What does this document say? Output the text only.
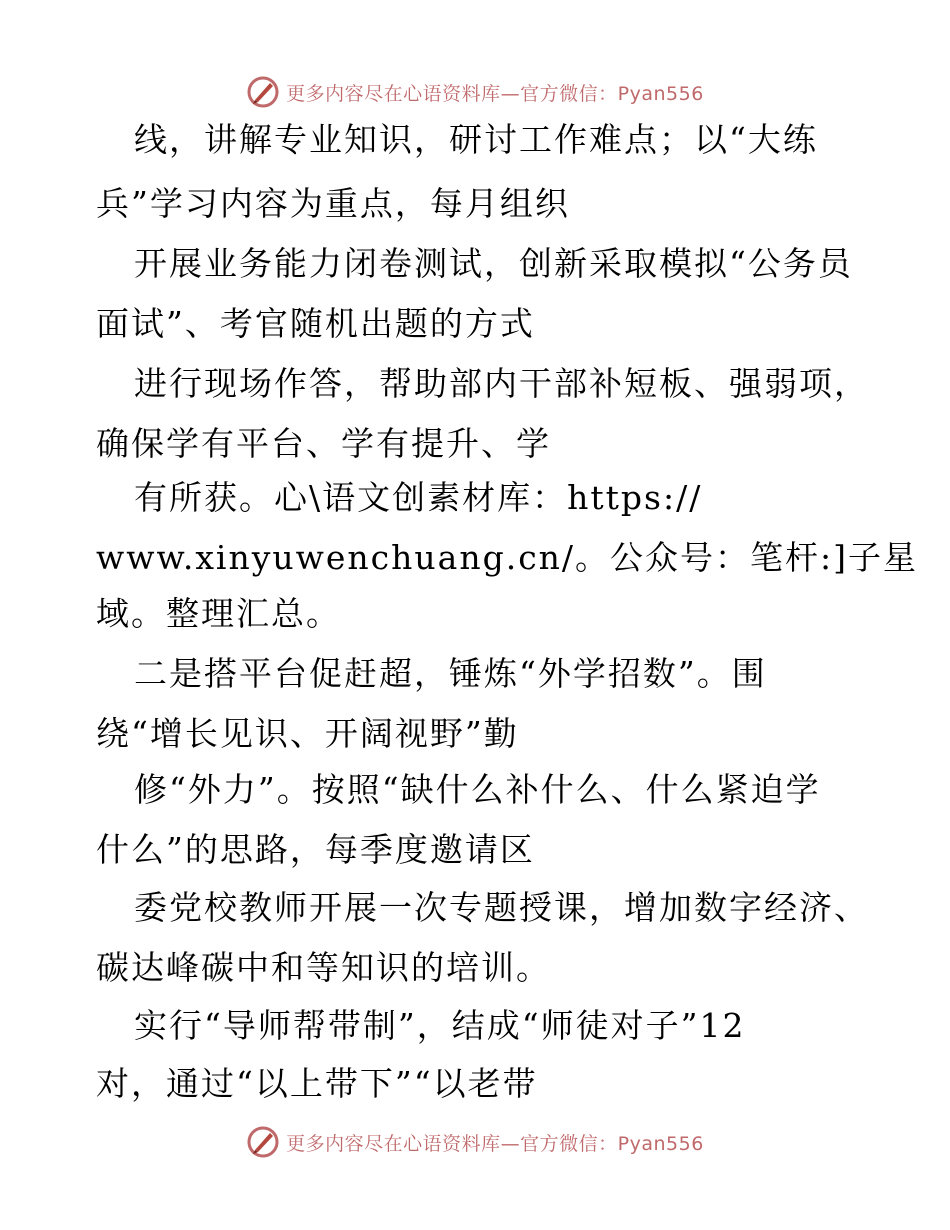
更多内容尽在心语资料库—官方微信：Pyan556
线，讲解专业知识，研讨工作难点；以“大练
兵”学习内容为重点，每月组织
开展业务能力闭卷测试，创新采取模拟“公务员
面试”、考官随机出题的方式
进行现场作答，帮助部内干部补短板、强弱项，
确保学有平台、学有提升、学
有所获。心\语文创素材库：https://
www.xinyuwenchuang.cn/。公众号：笔杆:]子星
域。整理汇总。
二是搭平台促赶超，锤炼“外学招数”。围
绕“增长见识、开阔视野”勤
修“外力”。按照“缺什么补什么、什么紧迫学
什么”的思路，每季度邀请区
委党校教师开展一次专题授课，增加数字经济、
碳达峰碳中和等知识的培训。
实行“导师帮带制”，结成“师徒对子”12
对，通过“以上带下”“以老带
更多内容尽在心语资料库—官方微信：Pyan556
